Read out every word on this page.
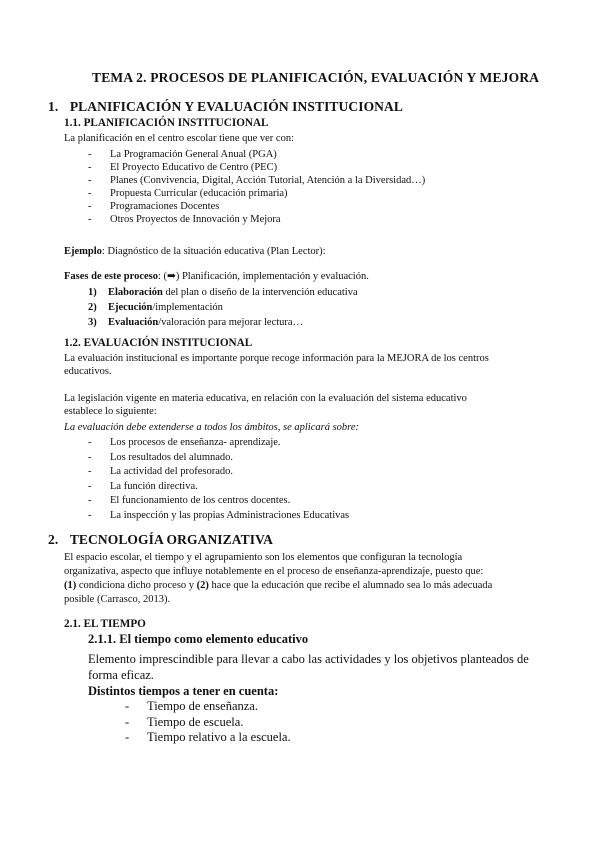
TEMA 2. PROCESOS DE PLANIFICACIÓN, EVALUACIÓN Y MEJORA
1. PLANIFICACIÓN Y EVALUACIÓN INSTITUCIONAL
1.1. PLANIFICACIÓN INSTITUCIONAL
La planificación en el centro escolar tiene que ver con:
- La Programación General Anual (PGA)
- El Proyecto Educativo de Centro (PEC)
- Planes (Convivencia, Digital, Acción Tutorial, Atención a la Diversidad…)
- Propuesta Curricular (educación primaria)
- Programaciones Docentes
- Otros Proyectos de Innovación y Mejora
Ejemplo: Diagnóstico de la situación educativa (Plan Lector):
Fases de este proceso: (➡) Planificación, implementación y evaluación.
1) Elaboración del plan o diseño de la intervención educativa
2) Ejecución/implementación
3) Evaluación/valoración para mejorar lectura…
1.2. EVALUACIÓN INSTITUCIONAL
La evaluación institucional es importante porque recoge información para la MEJORA de los centros
educativos.
La legislación vigente en materia educativa, en relación con la evaluación del sistema educativo
establece lo siguiente:
La evaluación debe extenderse a todos los ámbitos, se aplicará sobre:
- Los procesos de enseñanza- aprendizaje.
- Los resultados del alumnado.
- La actividad del profesorado.
- La función directiva.
- El funcionamiento de los centros docentes.
- La inspección y las propias Administraciones Educativas
2. TECNOLOGÍA ORGANIZATIVA
El espacio escolar, el tiempo y el agrupamiento son los elementos que configuran la tecnología
organizativa, aspecto que influye notablemente en el proceso de enseñanza-aprendizaje, puesto que:
(1) condiciona dicho proceso y (2) hace que la educación que recibe el alumnado sea lo más adecuada
posible (Carrasco, 2013).
2.1. EL TIEMPO
2.1.1. El tiempo como elemento educativo
Elemento imprescindible para llevar a cabo las actividades y los objetivos planteados de
forma eficaz.
Distintos tiempos a tener en cuenta:
- Tiempo de enseñanza.
- Tiempo de escuela.
- Tiempo relativo a la escuela.
